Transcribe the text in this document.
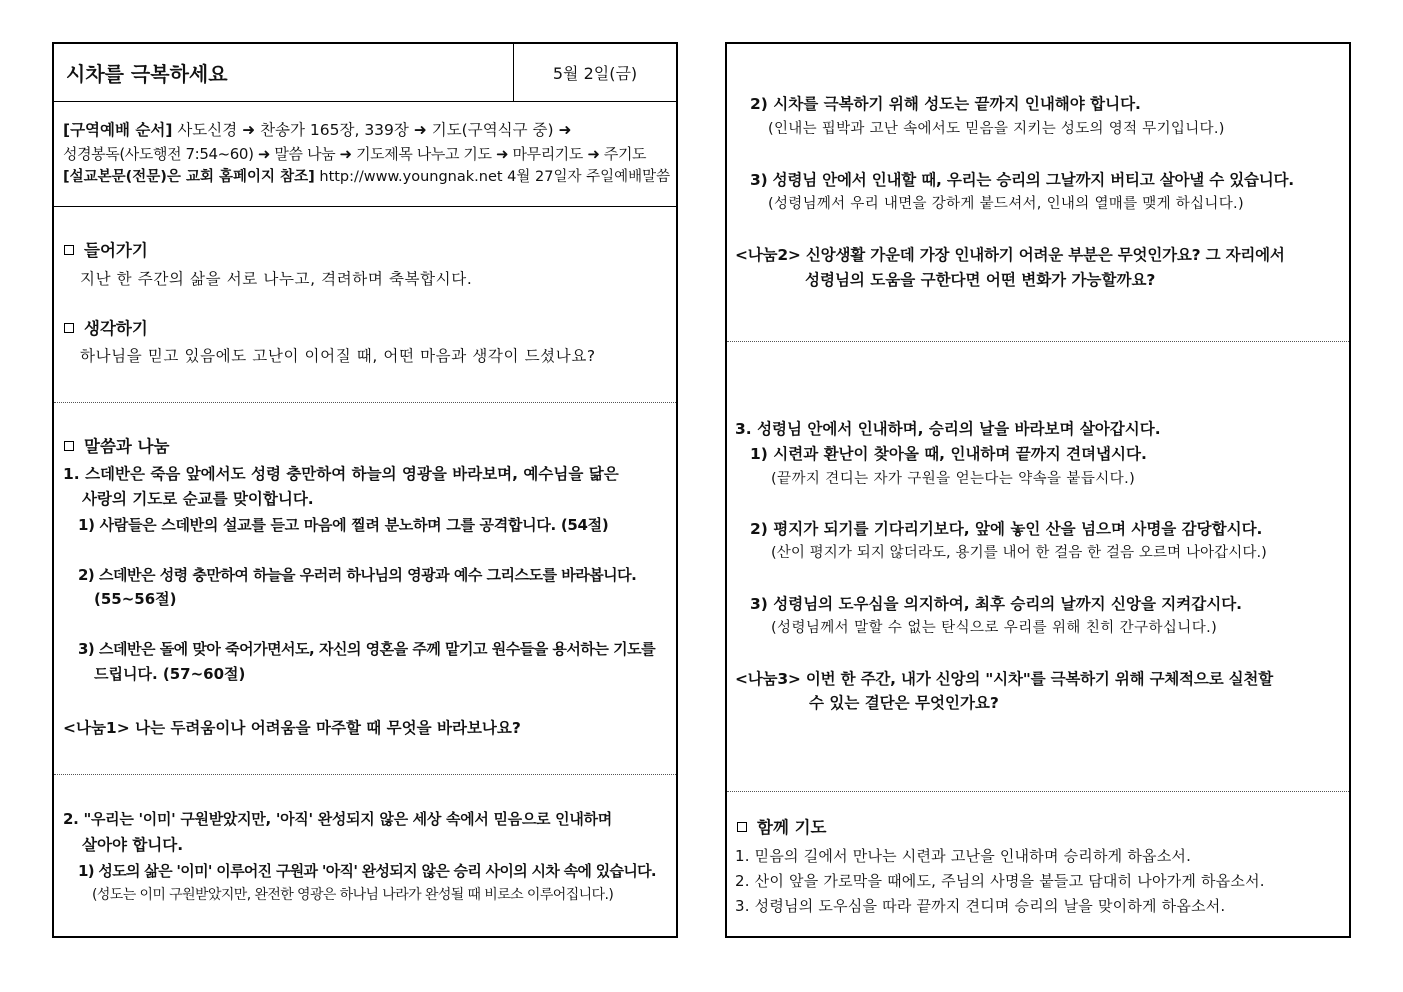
시차를 극복하세요	5월 2일(금)
[구역예배 순서] 사도신경 ➜ 찬송가 165장, 339장 ➜ 기도(구역식구 중) ➜
성경봉독(사도행전 7:54~60) ➜ 말씀 나눔 ➜ 기도제목 나누고 기도 ➜ 마무리기도 ➜ 주기도
[설교본문(전문)은 교회 홈페이지 참조] http://www.youngnak.net 4월 27일자 주일예배말씀
들어가기
지난 한 주간의 삶을 서로 나누고, 격려하며 축복합시다.
생각하기
하나님을 믿고 있음에도 고난이 이어질 때, 어떤 마음과 생각이 드셨나요?
말씀과 나눔
1. 스데반은 죽음 앞에서도 성령 충만하여 하늘의 영광을 바라보며, 예수님을 닮은
사랑의 기도로 순교를 맞이합니다.
1) 사람들은 스데반의 설교를 듣고 마음에 찔려 분노하며 그를 공격합니다. (54절)
2) 스데반은 성령 충만하여 하늘을 우러러 하나님의 영광과 예수 그리스도를 바라봅니다.
(55~56절)
3) 스데반은 돌에 맞아 죽어가면서도, 자신의 영혼을 주께 맡기고 원수들을 용서하는 기도를
드립니다. (57~60절)
<나눔1> 나는 두려움이나 어려움을 마주할 때 무엇을 바라보나요?
2. "우리는 '이미' 구원받았지만, '아직' 완성되지 않은 세상 속에서 믿음으로 인내하며
살아야 합니다.
1) 성도의 삶은 '이미' 이루어진 구원과 '아직' 완성되지 않은 승리 사이의 시차 속에 있습니다.
(성도는 이미 구원받았지만, 완전한 영광은 하나님 나라가 완성될 때 비로소 이루어집니다.)
2) 시차를 극복하기 위해 성도는 끝까지 인내해야 합니다.
(인내는 핍박과 고난 속에서도 믿음을 지키는 성도의 영적 무기입니다.)
3) 성령님 안에서 인내할 때, 우리는 승리의 그날까지 버티고 살아낼 수 있습니다.
(성령님께서 우리 내면을 강하게 붙드셔서, 인내의 열매를 맺게 하십니다.)
<나눔2> 신앙생활 가운데 가장 인내하기 어려운 부분은 무엇인가요? 그 자리에서
성령님의 도움을 구한다면 어떤 변화가 가능할까요?
3. 성령님 안에서 인내하며, 승리의 날을 바라보며 살아갑시다.
1) 시련과 환난이 찾아올 때, 인내하며 끝까지 견뎌냅시다.
(끝까지 견디는 자가 구원을 얻는다는 약속을 붙듭시다.)
2) 평지가 되기를 기다리기보다, 앞에 놓인 산을 넘으며 사명을 감당합시다.
(산이 평지가 되지 않더라도, 용기를 내어 한 걸음 한 걸음 오르며 나아갑시다.)
3) 성령님의 도우심을 의지하여, 최후 승리의 날까지 신앙을 지켜갑시다.
(성령님께서 말할 수 없는 탄식으로 우리를 위해 친히 간구하십니다.)
<나눔3> 이번 한 주간, 내가 신앙의 "시차"를 극복하기 위해 구체적으로 실천할
수 있는 결단은 무엇인가요?
함께 기도
1. 믿음의 길에서 만나는 시련과 고난을 인내하며 승리하게 하옵소서.
2. 산이 앞을 가로막을 때에도, 주님의 사명을 붙들고 담대히 나아가게 하옵소서.
3. 성령님의 도우심을 따라 끝까지 견디며 승리의 날을 맞이하게 하옵소서.
